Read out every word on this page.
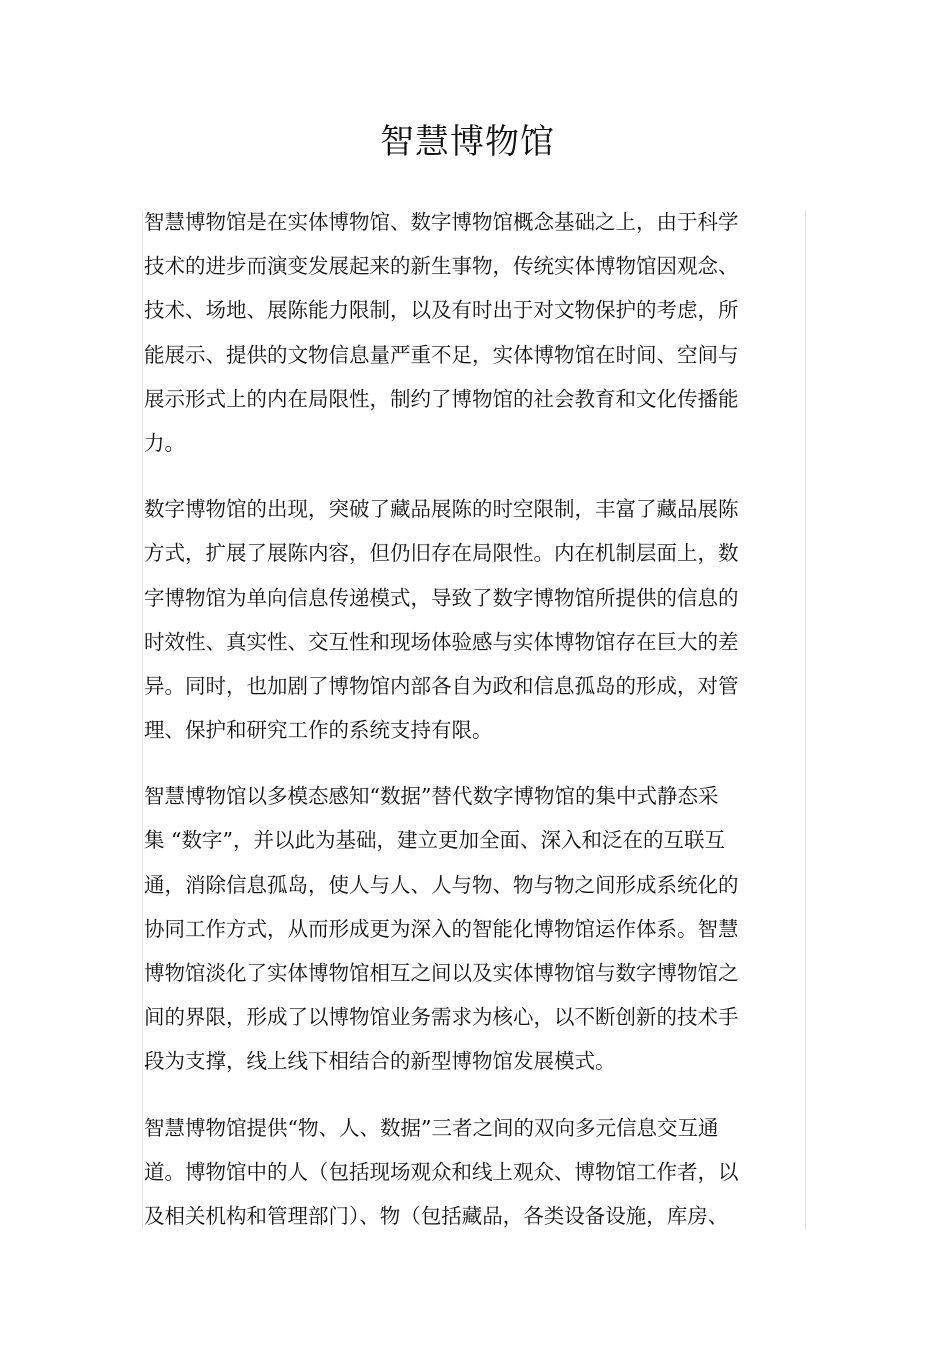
智慧博物馆
智慧博物馆是在实体博物馆、数字博物馆概念基础之上，由于科学
技术的进步而演变发展起来的新生事物，传统实体博物馆因观念、
技术、场地、展陈能力限制，以及有时出于对文物保护的考虑，所
能展示、提供的文物信息量严重不足，实体博物馆在时间、空间与
展示形式上的内在局限性，制约了博物馆的社会教育和文化传播能
力。
数字博物馆的出现，突破了藏品展陈的时空限制，丰富了藏品展陈
方式，扩展了展陈内容，但仍旧存在局限性。内在机制层面上，数
字博物馆为单向信息传递模式，导致了数字博物馆所提供的信息的
时效性、真实性、交互性和现场体验感与实体博物馆存在巨大的差
异。同时，也加剧了博物馆内部各自为政和信息孤岛的形成，对管
理、保护和研究工作的系统支持有限。
智慧博物馆以多模态感知“数据”替代数字博物馆的集中式静态采
集 “数字”，并以此为基础，建立更加全面、深入和泛在的互联互
通，消除信息孤岛，使人与人、人与物、物与物之间形成系统化的
协同工作方式，从而形成更为深入的智能化博物馆运作体系。智慧
博物馆淡化了实体博物馆相互之间以及实体博物馆与数字博物馆之
间的界限，形成了以博物馆业务需求为核心，以不断创新的技术手
段为支撑，线上线下相结合的新型博物馆发展模式。
智慧博物馆提供“物、人、数据”三者之间的双向多元信息交互通
道。博物馆中的人（包括现场观众和线上观众、博物馆工作者，以
及相关机构和管理部门）、物（包括藏品，各类设备设施，库房、
